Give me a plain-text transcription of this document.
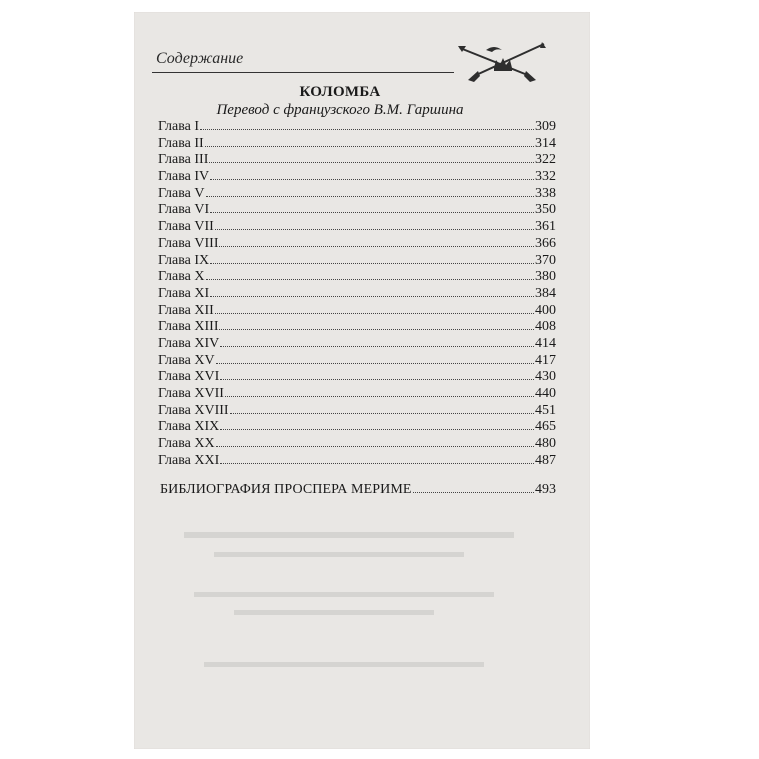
Содержание
КОЛОМБА
Перевод с французского В.М. Гаршина
Глава I	309
Глава II	314
Глава III	322
Глава IV	332
Глава V	338
Глава VI	350
Глава VII	361
Глава VIII	366
Глава IX	370
Глава X	380
Глава XI	384
Глава XII	400
Глава XIII	408
Глава XIV	414
Глава XV	417
Глава XVI	430
Глава XVII	440
Глава XVIII	451
Глава XIX	465
Глава XX	480
Глава XXI	487
БИБЛИОГРАФИЯ ПРОСПЕРА МЕРИМЕ	493
